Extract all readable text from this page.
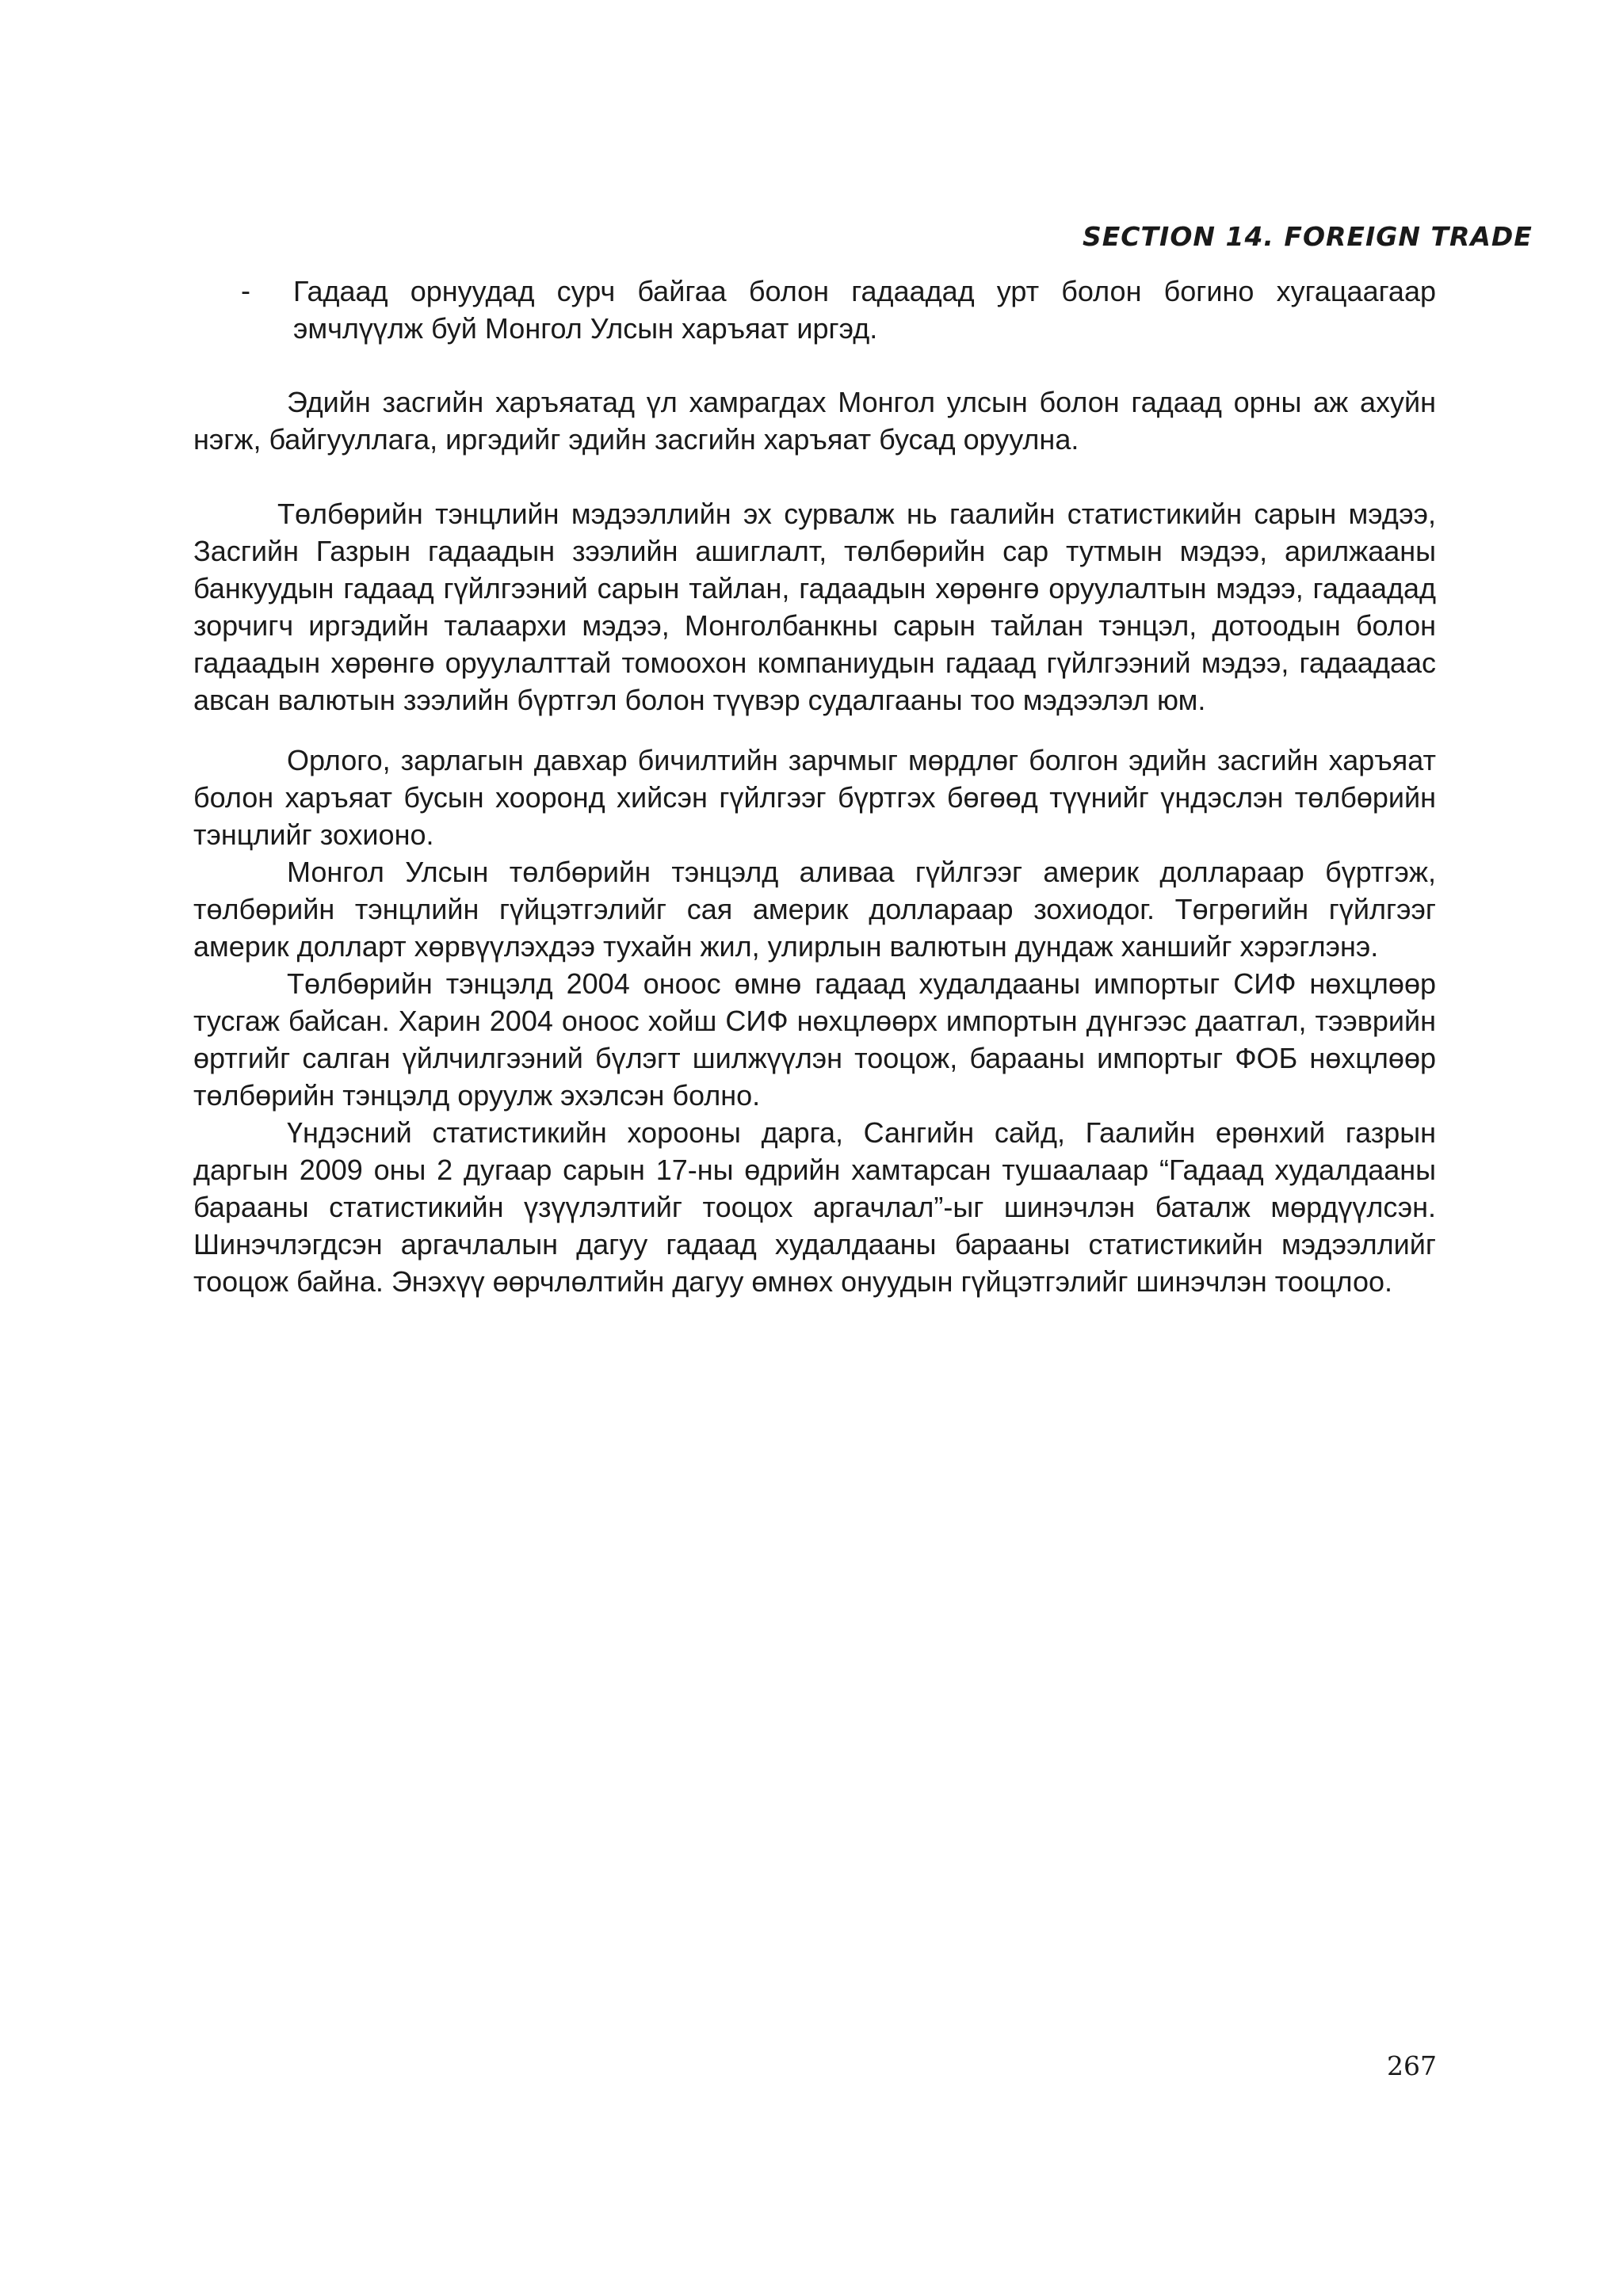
SECTION 14. FOREIGN TRADE
- Гадаад орнуудад сурч байгаа болон гадаадад урт болон богино хугацаагаар эмчлүүлж буй Монгол Улсын харъяат иргэд.

Эдийн засгийн харъяатад үл хамрагдах Монгол улсын болон гадаад орны аж ахуйн нэгж, байгууллага, иргэдийг эдийн засгийн харъяат бусад оруулна.

Төлбөрийн тэнцлийн мэдээллийн эх сурвалж нь гаалийн статистикийн сарын мэдээ, Засгийн Газрын гадаадын зээлийн ашиглалт, төлбөрийн сар тутмын мэдээ, арилжааны банкуудын гадаад гүйлгээний сарын тайлан, гадаадын хөрөнгө оруулалтын мэдээ, гадаадад зорчигч иргэдийн талаархи мэдээ, Монголбанкны сарын тайлан тэнцэл, дотоодын болон гадаадын хөрөнгө оруулалттай томоохон компаниудын гадаад гүйлгээний мэдээ, гадаадаас авсан валютын зээлийн бүртгэл болон түүвэр судалгааны тоо мэдээлэл юм.

Орлого, зарлагын давхар бичилтийн зарчмыг мөрдлөг болгон эдийн засгийн харъяат болон харъяат бусын хооронд хийсэн гүйлгээг бүртгэх бөгөөд түүнийг үндэслэн төлбөрийн тэнцлийг зохионо.

Монгол Улсын төлбөрийн тэнцэлд аливаа гүйлгээг америк доллараар бүртгэж, төлбөрийн тэнцлийн гүйцэтгэлийг сая америк доллараар зохиодог. Төгрөгийн гүйлгээг америк долларт хөрвүүлэхдээ тухайн жил, улирлын валютын дундаж ханшийг хэрэглэнэ.

Төлбөрийн тэнцэлд 2004 оноос өмнө гадаад худалдааны импортыг СИФ нөхцлөөр тусгаж байсан. Харин 2004 оноос хойш СИФ нөхцлөөрх импортын дүнгээс даатгал, тээврийн өртгийг салган үйлчилгээний бүлэгт шилжүүлэн тооцож, барааны импортыг ФОБ нөхцлөөр төлбөрийн тэнцэлд оруулж эхэлсэн болно.

Үндэсний статистикийн хорооны дарга, Сангийн сайд, Гаалийн ерөнхий газрын даргын 2009 оны 2 дугаар сарын 17-ны өдрийн хамтарсан тушаалаар “Гадаад худалдааны барааны статистикийн үзүүлэлтийг тооцох аргачлал”-ыг шинэчлэн баталж мөрдүүлсэн. Шинэчлэгдсэн аргачлалын дагуу гадаад худалдааны барааны статистикийн мэдээллийг тооцож байна. Энэхүү өөрчлөлтийн дагуу өмнөх онуудын гүйцэтгэлийг шинэчлэн тооцлоо.

267
